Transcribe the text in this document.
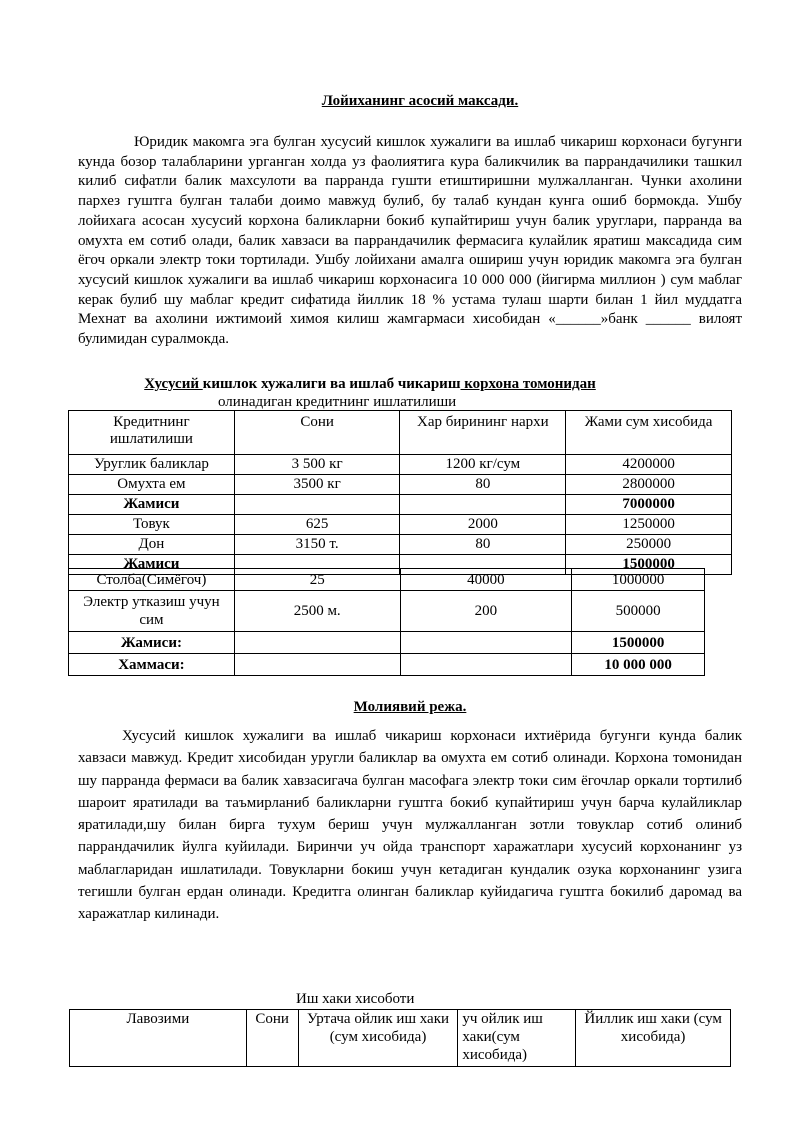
Лойиханинг асосий максади.
Юридик макомга эга булган хусусий кишлок хужалиги ва ишлаб чикариш корхонаси бугунги кунда бозор талабларини урганган холда уз фаолиятига кура баликчилик ва паррандачилики ташкил килиб сифатли балик махсулоти ва парранда гушти етиштиришни мулжалланган. Чунки ахолини пархез гуштга булган талаби доимо мавжуд булиб, бу талаб кундан кунга ошиб бормокда. Ушбу лойихага асосан хусусий корхона баликларни бокиб купайтириш учун балик уруглари, парранда ва омухта ем сотиб олади, балик хавзаси ва паррандачилик фермасига кулайлик яратиш максадида сим ёгоч оркали электр токи тортилади. Ушбу лойихани амалга ошириш учун юридик макомга эга булган хусусий кишлок хужалиги ва ишлаб чикариш корхонасига 10 000 000 (йигирма миллион ) сум маблаг керак булиб шу маблаг кредит сифатида йиллик 18 % устама тулаш шарти билан 1 йил муддатга Мехнат ва ахолини ижтимоий химоя килиш жамгармаси хисобидан «______»банк ______ вилоят булимидан суралмокда.
Хусусий кишлок хужалиги ва ишлаб чикариш корхона томонидан
олинадиган кредитнинг ишлатилиши
Кредитнинг ишлатилиши	Сони	Хар бирининг нархи	Жами сум хисобида
Уруглик баликлар	3 500 кг	1200 кг/сум	4200000
Омухта ем	3500 кг	80	2800000
Жамиси			7000000
Товук	625	2000	1250000
Дон	3150 т.	80	250000
Жамиси			1500000
Столба(Симёгоч)	25	40000	1000000
Электр утказиш учун сим	2500 м.	200	500000
Жамиси:			1500000
Хаммаси:			10 000 000
Молиявий режа.
Хусусий кишлок хужалиги ва ишлаб чикариш корхонаси ихтиёрида бугунги кунда балик хавзаси мавжуд. Кредит хисобидан уругли баликлар ва омухта ем сотиб олинади. Корхона томонидан шу парранда фермаси ва балик хавзасигача булган масофага электр токи сим ёгочлар оркали тортилиб шароит яратилади ва таъмирланиб баликларни гуштга бокиб купайтириш учун барча кулайликлар яратилади,шу билан бирга тухум бериш учун мулжалланган зотли товуклар сотиб олиниб паррандачилик йулга куйилади. Биринчи уч ойда транспорт харажатлари хусусий корхонанинг уз маблагларидан ишлатилади. Товукларни бокиш учун кетадиган кундалик озука корхонанинг узига тегишли булган ердан олинади. Кредитга олинган баликлар куйидагича гуштга бокилиб даромад ва харажатлар килинади.
Иш хаки хисоботи
Лавозими	Сони	Уртача ойлик иш хаки (сум хисобида)	уч ойлик иш хаки(сум хисобида)	Йиллик иш хаки (сум хисобида)
